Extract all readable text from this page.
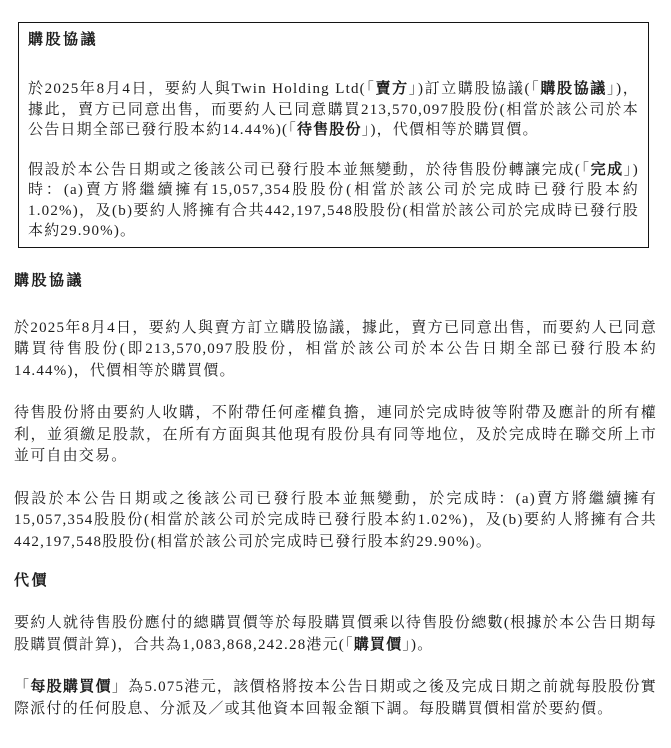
購股協議

於2025年8月4日，要約人與Twin Holding Ltd(「賣方」)訂立購股協議(「購股協議」)，據此，賣方已同意出售，而要約人已同意購買213,570,097股股份(相當於該公司於本公告日期全部已發行股本約14.44%)(「待售股份」)，代價相等於購買價。

假設於本公告日期或之後該公司已發行股本並無變動，於待售股份轉讓完成(「完成」)時：(a)賣方將繼續擁有15,057,354股股份(相當於該公司於完成時已發行股本約1.02%)，及(b)要約人將擁有合共442,197,548股股份(相當於該公司於完成時已發行股本約29.90%)。

購股協議

於2025年8月4日，要約人與賣方訂立購股協議，據此，賣方已同意出售，而要約人已同意購買待售股份(即213,570,097股股份，相當於該公司於本公告日期全部已發行股本約14.44%)，代價相等於購買價。

待售股份將由要約人收購，不附帶任何產權負擔，連同於完成時彼等附帶及應計的所有權利，並須繳足股款，在所有方面與其他現有股份具有同等地位，及於完成時在聯交所上市並可自由交易。

假設於本公告日期或之後該公司已發行股本並無變動，於完成時：(a)賣方將繼續擁有15,057,354股股份(相當於該公司於完成時已發行股本約1.02%)，及(b)要約人將擁有合共442,197,548股股份(相當於該公司於完成時已發行股本約29.90%)。

代價

要約人就待售股份應付的總購買價等於每股購買價乘以待售股份總數(根據於本公告日期每股購買價計算)，合共為1,083,868,242.28港元(「購買價」)。

「每股購買價」為5.075港元，該價格將按本公告日期或之後及完成日期之前就每股股份實際派付的任何股息、分派及／或其他資本回報金額下調。每股購買價相當於要約價。
